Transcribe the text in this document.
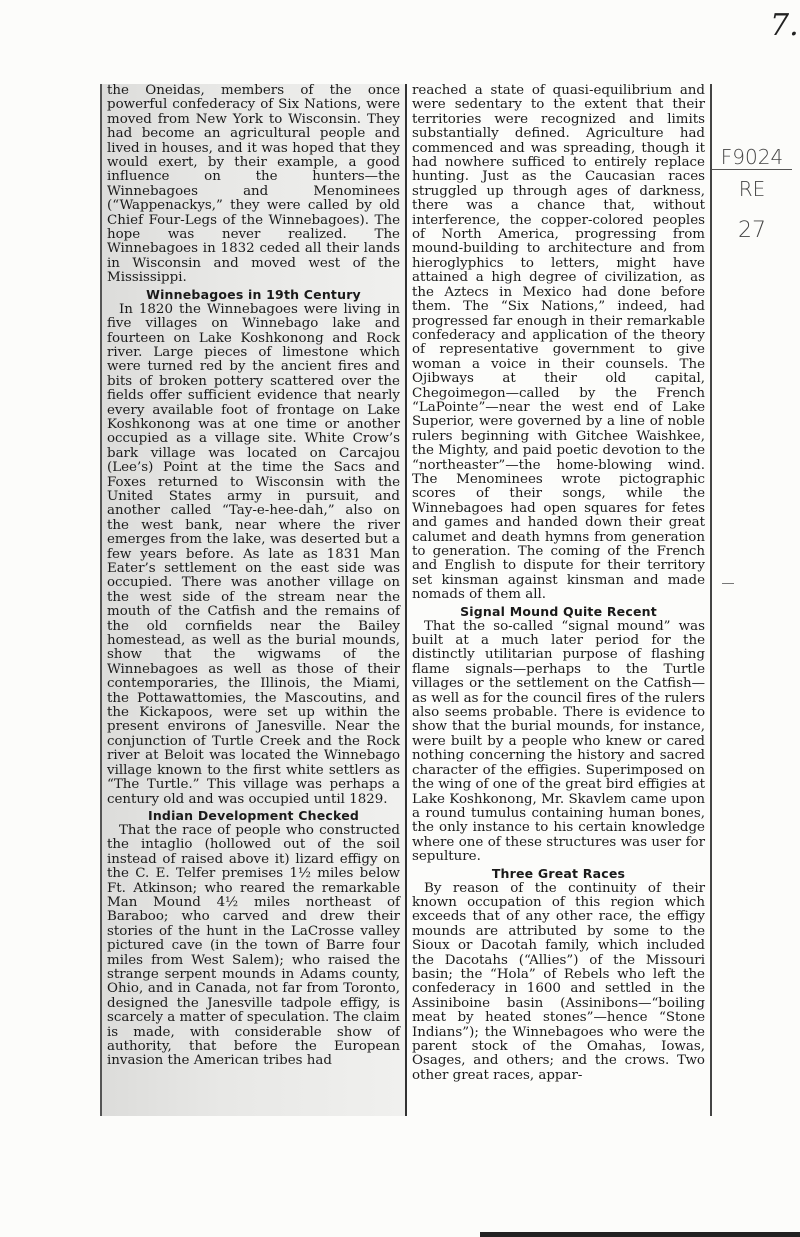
7.
F9024
RE
27

the Oneidas, members of the once powerful confederacy of Six Nations, were moved from New York to Wisconsin. They had become an agricultural people and lived in houses, and it was hoped that they would exert, by their example, a good influence on the hunters—the Winnebagoes and Menominees (“Wappenackys,” they were called by old Chief Four-Legs of the Winnebagoes). The hope was never realized. The Winnebagoes in 1832 ceded all their lands in Wisconsin and moved west of the Mississippi.

Winnebagoes in 19th Century

In 1820 the Winnebagoes were living in five villages on Winnebago lake and fourteen on Lake Koshkonong and Rock river. Large pieces of limestone which were turned red by the ancient fires and bits of broken pottery scattered over the fields offer sufficient evidence that nearly every available foot of frontage on Lake Koshkonong was at one time or another occupied as a village site. White Crow’s bark village was located on Carcajou (Lee’s) Point at the time the Sacs and Foxes returned to Wisconsin with the United States army in pursuit, and another called “Tay-e-hee-dah,” also on the west bank, near where the river emerges from the lake, was deserted but a few years before. As late as 1831 Man Eater’s settlement on the east side was occupied. There was another village on the west side of the stream near the mouth of the Catfish and the remains of the old cornfields near the Bailey homestead, as well as the burial mounds, show that the wigwams of the Winnebagoes as well as those of their contemporaries, the Illinois, the Miami, the Pottawattomies, the Mascoutins, and the Kickapoos, were set up within the present environs of Janesville. Near the conjunction of Turtle Creek and the Rock river at Beloit was located the Winnebago village known to the first white settlers as “The Turtle.” This village was perhaps a century old and was occupied until 1829.

Indian Development Checked

That the race of people who constructed the intaglio (hollowed out of the soil instead of raised above it) lizard effigy on the C. E. Telfer premises 1½ miles below Ft. Atkinson; who reared the remarkable Man Mound 4½ miles northeast of Baraboo; who carved and drew their stories of the hunt in the LaCrosse valley pictured cave (in the town of Barre four miles from West Salem); who raised the strange serpent mounds in Adams county, Ohio, and in Canada, not far from Toronto, designed the Janesville tadpole effigy, is scarcely a matter of speculation. The claim is made, with considerable show of authority, that before the European invasion the American tribes had

reached a state of quasi-equilibrium and were sedentary to the extent that their territories were recognized and limits substantially defined. Agriculture had commenced and was spreading, though it had nowhere sufficed to entirely replace hunting. Just as the Caucasian races struggled up through ages of darkness, there was a chance that, without interference, the copper-colored peoples of North America, progressing from mound-building to architecture and from hieroglyphics to letters, might have attained a high degree of civilization, as the Aztecs in Mexico had done before them. The “Six Nations,” indeed, had progressed far enough in their remarkable confederacy and application of the theory of representative government to give woman a voice in their counsels. The Ojibways at their old capital, Chegoimegon—called by the French “LaPointe”—near the west end of Lake Superior, were governed by a line of noble rulers beginning with Gitchee Waishkee, the Mighty, and paid poetic devotion to the “northeaster”—the home-blowing wind. The Menominees wrote pictographic scores of their songs, while the Winnebagoes had open squares for fetes and games and handed down their great calumet and death hymns from generation to generation. The coming of the French and English to dispute for their territory set kinsman against kinsman and made nomads of them all.

Signal Mound Quite Recent

That the so-called “signal mound” was built at a much later period for the distinctly utilitarian purpose of flashing flame signals—perhaps to the Turtle villages or the settlement on the Catfish—as well as for the council fires of the rulers also seems probable. There is evidence to show that the burial mounds, for instance, were built by a people who knew or cared nothing concerning the history and sacred character of the effigies. Superimposed on the wing of one of the great bird effigies at Lake Koshkonong, Mr. Skavlem came upon a round tumulus containing human bones, the only instance to his certain knowledge where one of these structures was user for sepulture.

Three Great Races

By reason of the continuity of their known occupation of this region which exceeds that of any other race, the effigy mounds are attributed by some to the Sioux or Dacotah family, which included the Dacotahs (“Allies”) of the Missouri basin; the “Hola” of Rebels who left the confederacy in 1600 and settled in the Assiniboine basin (Assinibons—“boiling meat by heated stones”—hence “Stone Indians”); the Winnebagoes who were the parent stock of the Omahas, Iowas, Osages, and others; and the crows. Two other great races, appar-
